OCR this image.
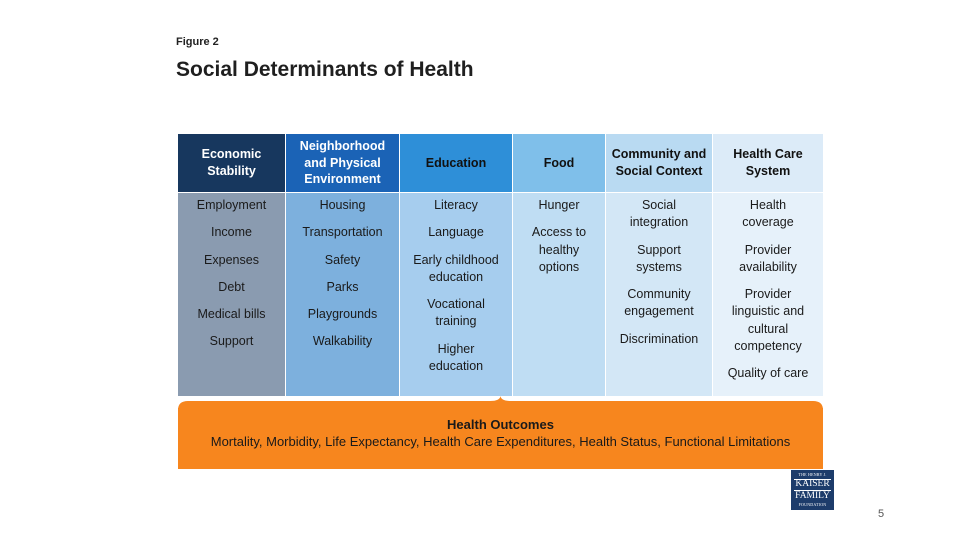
Figure 2
Social Determinants of Health
Economic Stability
Employment
Income
Expenses
Debt
Medical bills
Support
Neighborhood and Physical Environment
Housing
Transportation
Safety
Parks
Playgrounds
Walkability
Education
Literacy
Language
Early childhood education
Vocational training
Higher education
Food
Hunger
Access to healthy options
Community and Social Context
Social integration
Support systems
Community engagement
Discrimination
Health Care System
Health coverage
Provider availability
Provider linguistic and cultural competency
Quality of care
Health Outcomes
Mortality, Morbidity, Life Expectancy, Health Care Expenditures, Health Status, Functional Limitations
THE HENRY J.
KAISER
FAMILY
FOUNDATION
5
